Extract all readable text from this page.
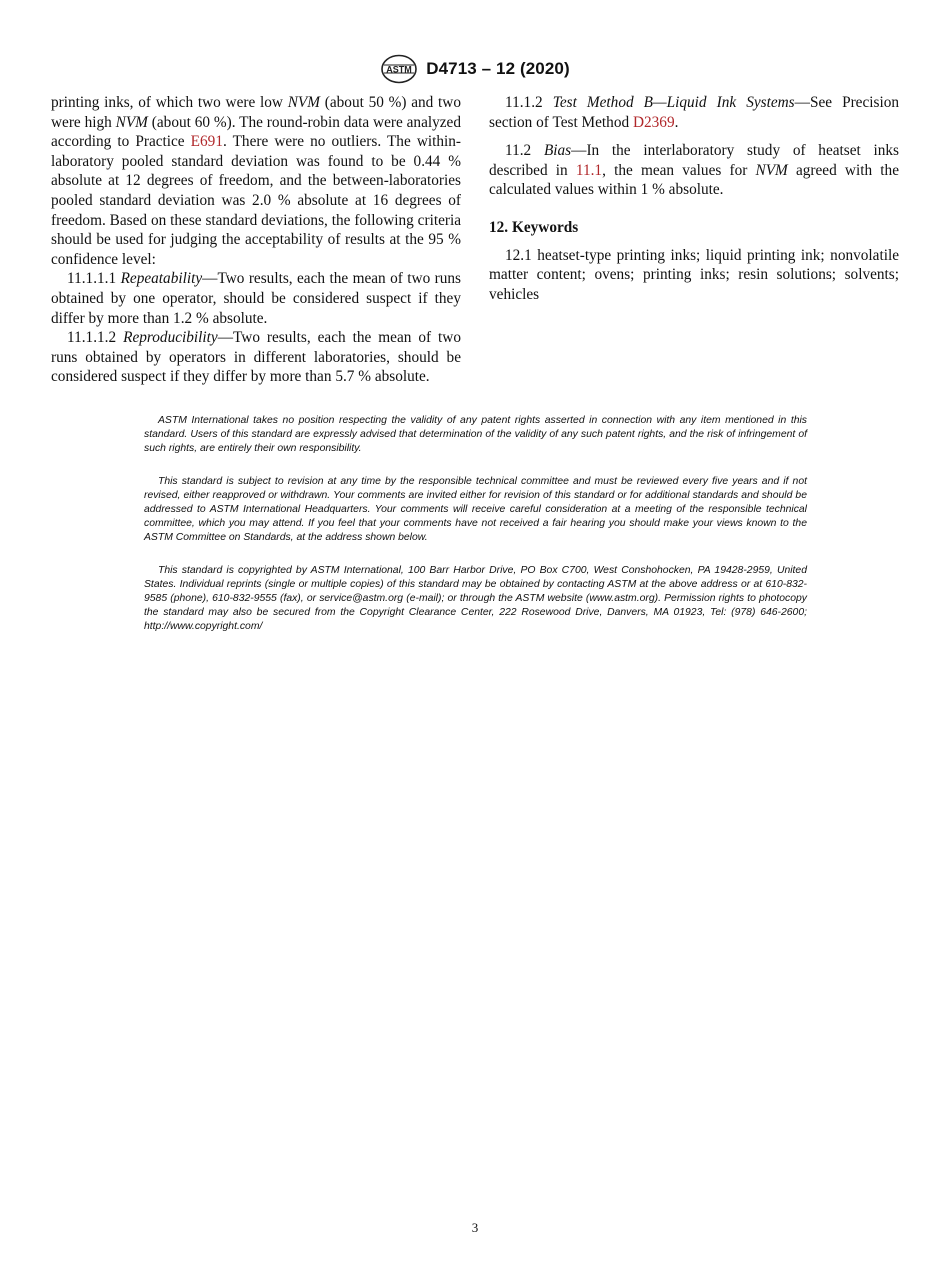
ASTM D4713 – 12 (2020)

printing inks, of which two were low NVM (about 50 %) and two were high NVM (about 60 %). The round-robin data were analyzed according to Practice E691. There were no outliers. The within-laboratory pooled standard deviation was found to be 0.44 % absolute at 12 degrees of freedom, and the between-laboratories pooled standard deviation was 2.0 % absolute at 16 degrees of freedom. Based on these standard deviations, the following criteria should be used for judging the acceptability of results at the 95 % confidence level:

11.1.1.1 Repeatability—Two results, each the mean of two runs obtained by one operator, should be considered suspect if they differ by more than 1.2 % absolute.

11.1.1.2 Reproducibility—Two results, each the mean of two runs obtained by operators in different laboratories, should be considered suspect if they differ by more than 5.7 % absolute.

11.1.2 Test Method B—Liquid Ink Systems—See Precision section of Test Method D2369.

11.2 Bias—In the interlaboratory study of heatset inks described in 11.1, the mean values for NVM agreed with the calculated values within 1 % absolute.

12. Keywords

12.1 heatset-type printing inks; liquid printing ink; nonvolatile matter content; ovens; printing inks; resin solutions; solvents; vehicles

ASTM International takes no position respecting the validity of any patent rights asserted in connection with any item mentioned in this standard. Users of this standard are expressly advised that determination of the validity of any such patent rights, and the risk of infringement of such rights, are entirely their own responsibility.

This standard is subject to revision at any time by the responsible technical committee and must be reviewed every five years and if not revised, either reapproved or withdrawn. Your comments are invited either for revision of this standard or for additional standards and should be addressed to ASTM International Headquarters. Your comments will receive careful consideration at a meeting of the responsible technical committee, which you may attend. If you feel that your comments have not received a fair hearing you should make your views known to the ASTM Committee on Standards, at the address shown below.

This standard is copyrighted by ASTM International, 100 Barr Harbor Drive, PO Box C700, West Conshohocken, PA 19428-2959, United States. Individual reprints (single or multiple copies) of this standard may be obtained by contacting ASTM at the above address or at 610-832-9585 (phone), 610-832-9555 (fax), or service@astm.org (e-mail); or through the ASTM website (www.astm.org). Permission rights to photocopy the standard may also be secured from the Copyright Clearance Center, 222 Rosewood Drive, Danvers, MA 01923, Tel: (978) 646-2600; http://www.copyright.com/

3
